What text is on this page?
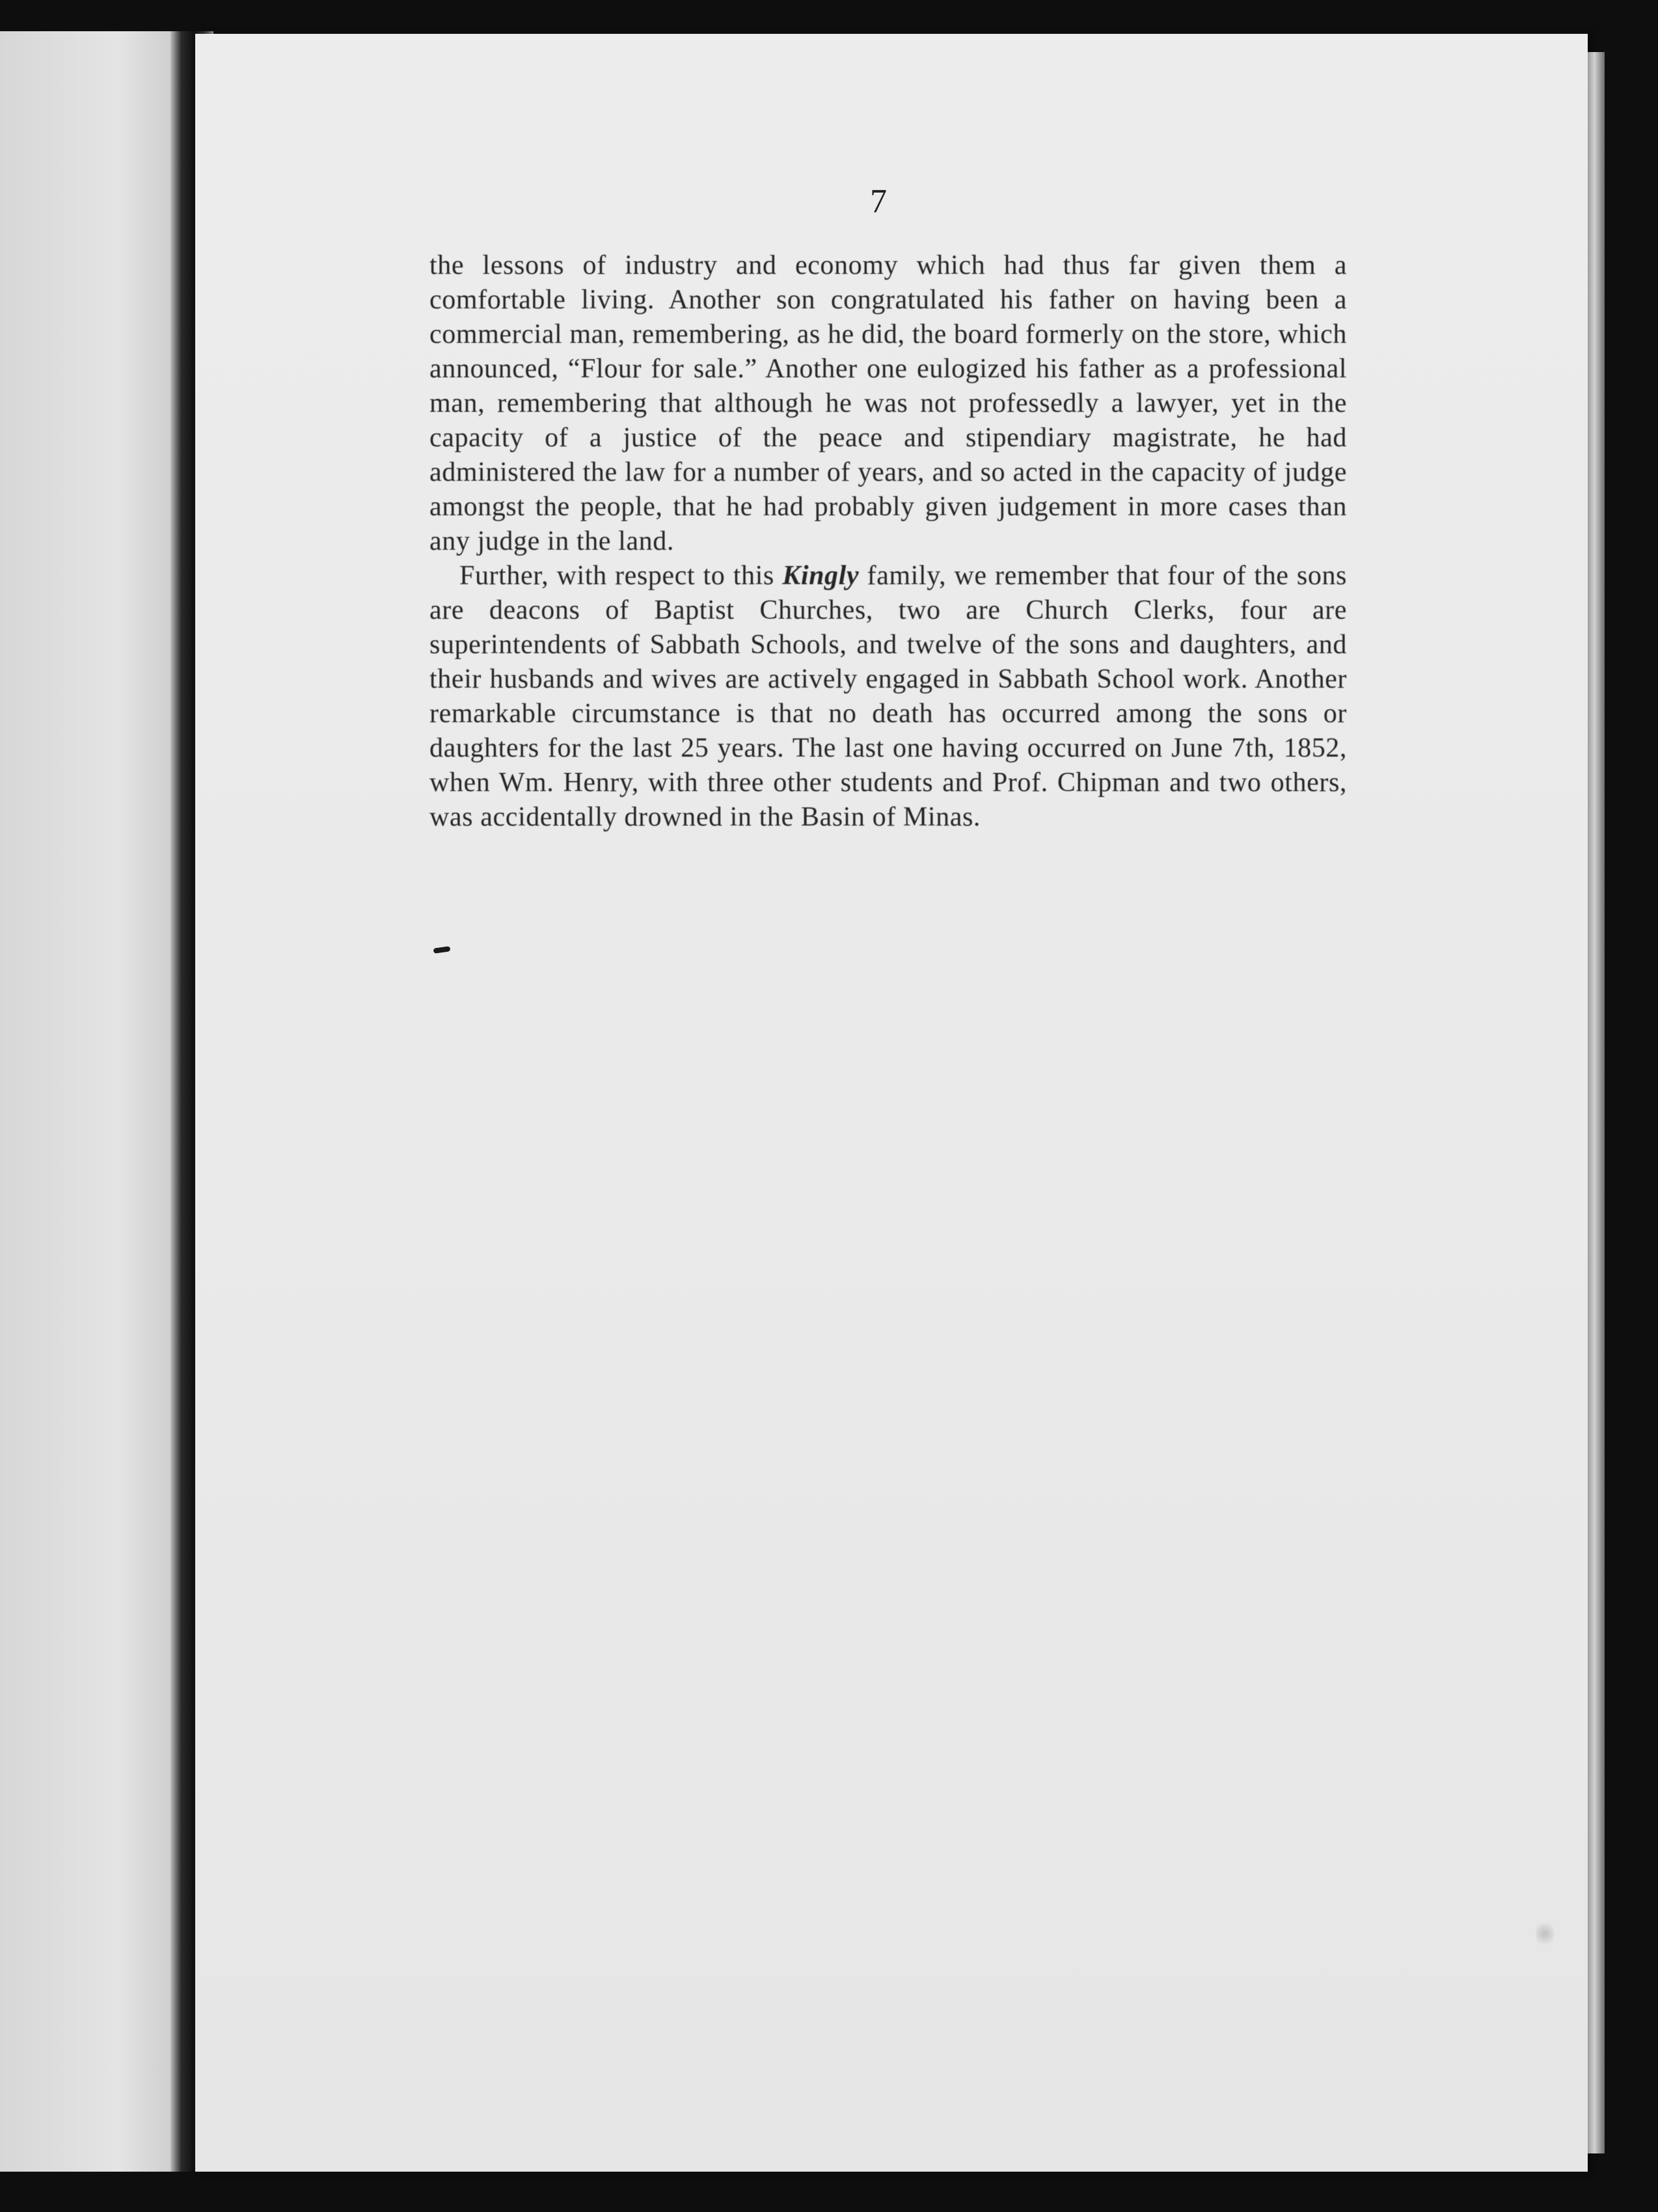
7

the lessons of industry and economy which had thus far given them a comfortable living. Another son congratulated his father on having been a commercial man, remembering, as he did, the board formerly on the store, which announced, “Flour for sale.” Another one eulogized his father as a professional man, remembering that although he was not professedly a lawyer, yet in the capacity of a justice of the peace and stipendiary magistrate, he had administered the law for a number of years, and so acted in the capacity of judge amongst the people, that he had probably given judgement in more cases than any judge in the land.

Further, with respect to this Kingly family, we remember that four of the sons are deacons of Baptist Churches, two are Church Clerks, four are superintendents of Sabbath Schools, and twelve of the sons and daughters, and their husbands and wives are actively engaged in Sabbath School work. Another remarkable circumstance is that no death has occurred among the sons or daughters for the last 25 years. The last one having occurred on June 7th, 1852, when Wm. Henry, with three other students and Prof. Chipman and two others, was accidentally drowned in the Basin of Minas.
